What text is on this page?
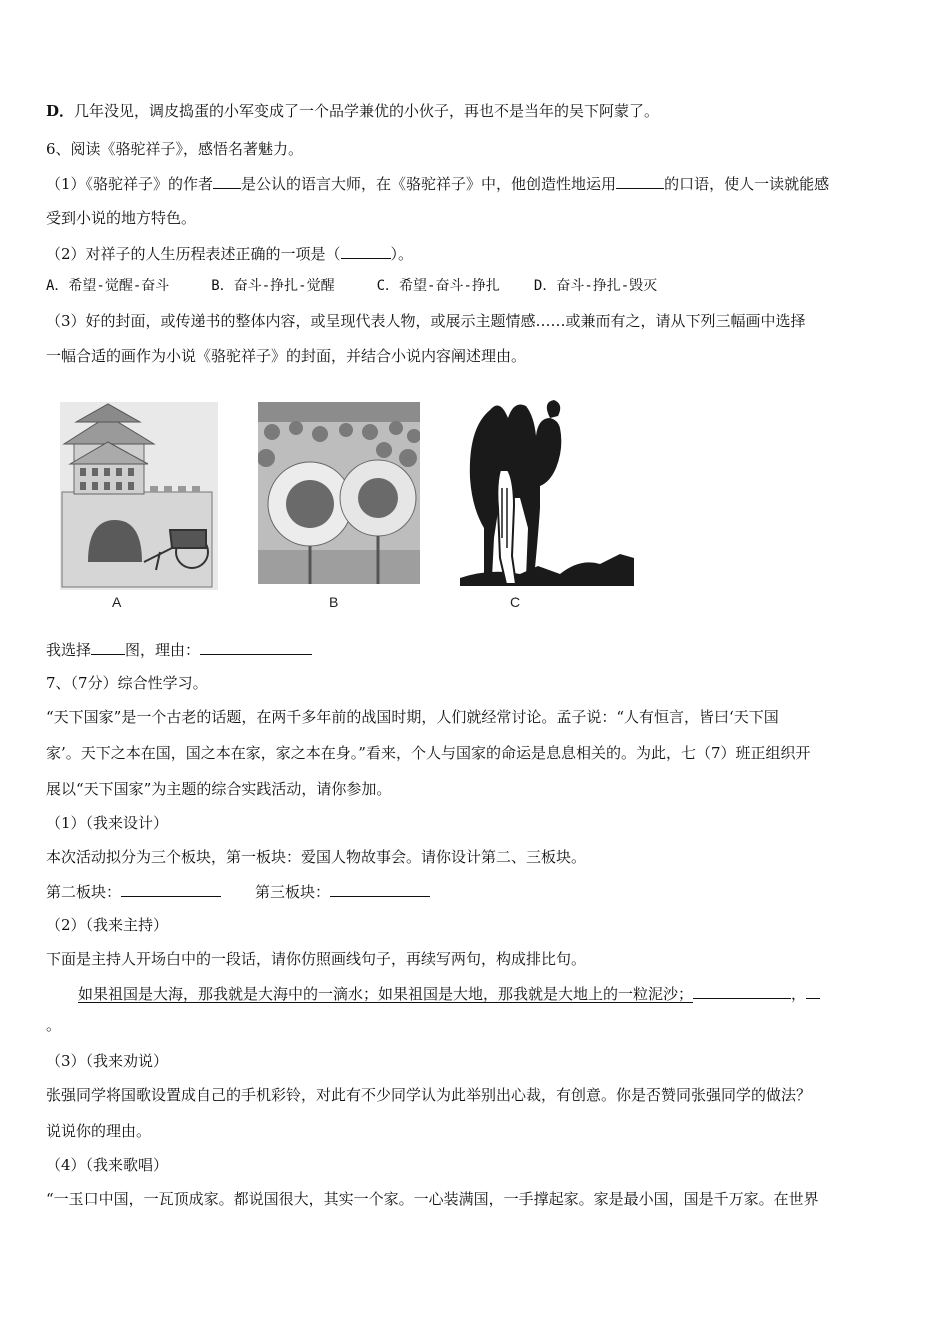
D．几年没见，调皮捣蛋的小军变成了一个品学兼优的小伙子，再也不是当年的吴下阿蒙了。
6、阅读《骆驼祥子》，感悟名著魅力。
（1）《骆驼祥子》的作者 是公认的语言大师，在《骆驼祥子》中，他创造性地运用	的口语，使人一读就能感
受到小说的地方特色。
（2）对祥子的人生历程表述正确的一项是（	）。
A．希望-觉醒-奋斗	B．奋斗-挣扎-觉醒	C．希望-奋斗-挣扎 D．奋斗-挣扎-毁灭
（3）好的封面，或传递书的整体内容，或呈现代表人物，或展示主题情感……或兼而有之，请从下列三幅画中选择
一幅合适的画作为小说《骆驼祥子》的封面，并结合小说内容阐述理由。
A	B	C
我选择 图，理由：
7、（7分）综合性学习。
“天下国家”是一个古老的话题，在两千多年前的战国时期，人们就经常讨论。孟子说：“人有恒言，皆曰‘天下国
家’。天下之本在国，国之本在家，家之本在身。”看来，个人与国家的命运是息息相关的。为此，七（7）班正组织开
展以“天下国家”为主题的综合实践活动，请你参加。
（1）（我来设计）
本次活动拟分为三个板块，第一板块：爱国人物故事会。请你设计第二、三板块。
第二板块：	第三板块：
（2）（我来主持）
下面是主持人开场白中的一段话，请你仿照画线句子，再续写两句，构成排比句。
如果祖国是大海，那我就是大海中的一滴水；如果祖国是大地，那我就是大地上的一粒泥沙；	，
。
（3）（我来劝说）
张强同学将国歌设置成自己的手机彩铃，对此有不少同学认为此举别出心裁，有创意。你是否赞同张强同学的做法？
说说你的理由。
（4）（我来歌唱）
“一玉口中国，一瓦顶成家。都说国很大，其实一个家。一心装满国，一手撑起家。家是最小国，国是千万家。在世界
